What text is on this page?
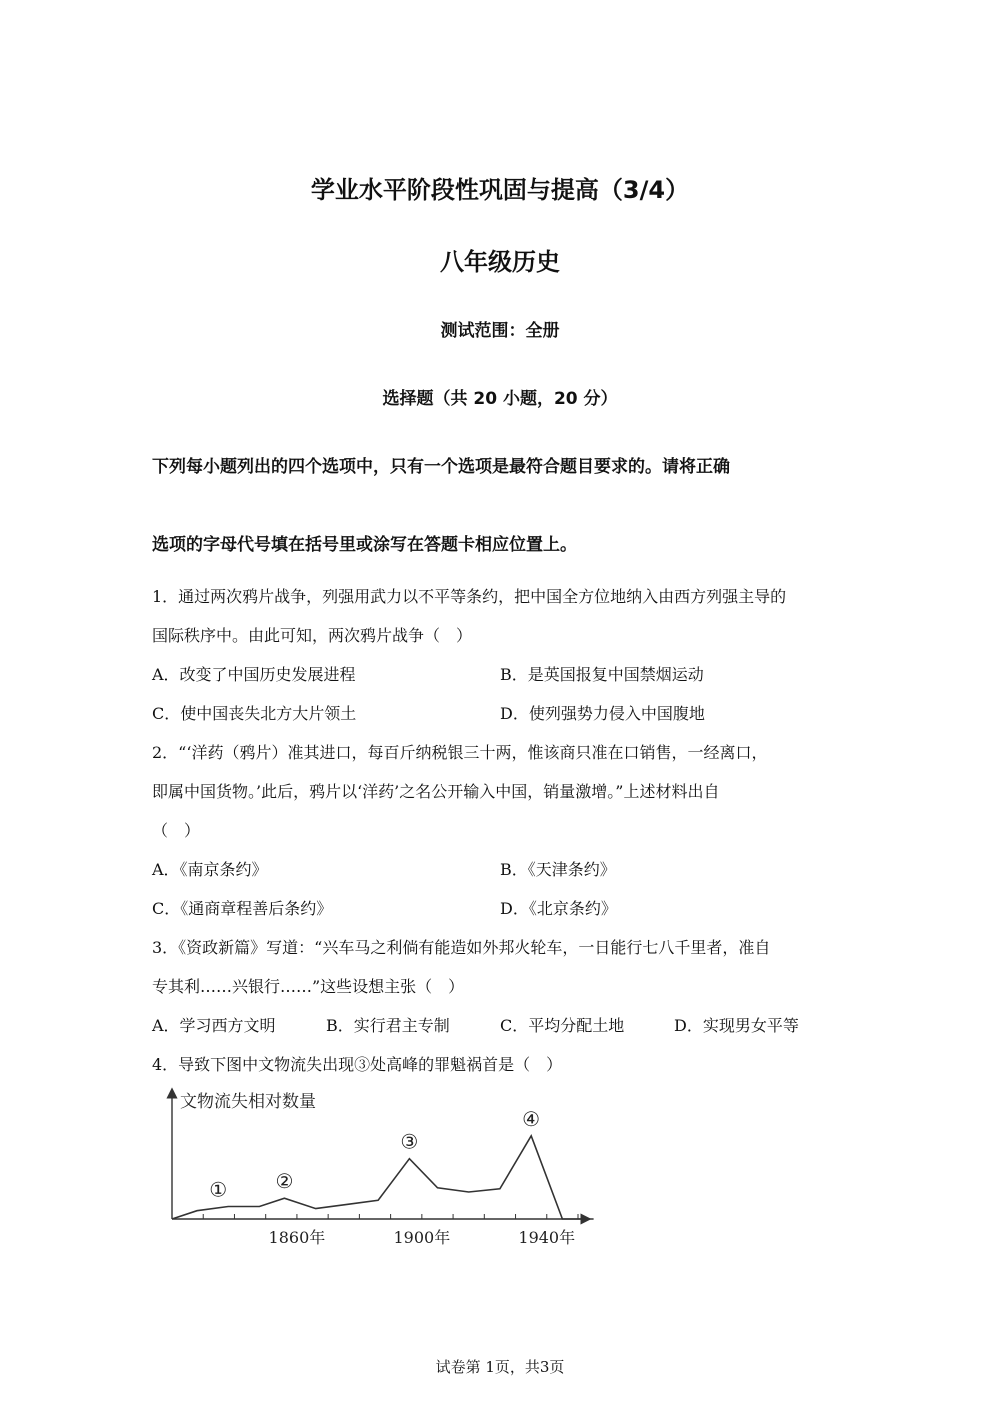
学业水平阶段性巩固与提高（3/4）
八年级历史
测试范围：全册
选择题（共 20 小题，20 分）
下列每小题列出的四个选项中，只有一个选项是最符合题目要求的。请将正确
选项的字母代号填在括号里或涂写在答题卡相应位置上。
1．通过两次鸦片战争，列强用武力以不平等条约，把中国全方位地纳入由西方列强主导的
国际秩序中。由此可知，两次鸦片战争（　）
A．改变了中国历史发展进程	B．是英国报复中国禁烟运动
C．使中国丧失北方大片领土	D．使列强势力侵入中国腹地
2．“‘洋药（鸦片）准其进口，每百斤纳税银三十两，惟该商只准在口销售，一经离口，
即属中国货物。’此后，鸦片以‘洋药’之名公开输入中国，销量激增。”上述材料出自
（　）
A．《南京条约》	B．《天津条约》
C．《通商章程善后条约》	D．《北京条约》
3．《资政新篇》写道：“兴车马之利倘有能造如外邦火轮车，一日能行七八千里者，准自
专其利……兴银行……”这些设想主张（　）
A．学习西方文明	B．实行君主专制	C．平均分配土地	D．实现男女平等
4．导致下图中文物流失出现③处高峰的罪魁祸首是（　）
文物流失相对数量
1860年	1900年	1940年
① ②
③
④
试卷第 1页，共3页
